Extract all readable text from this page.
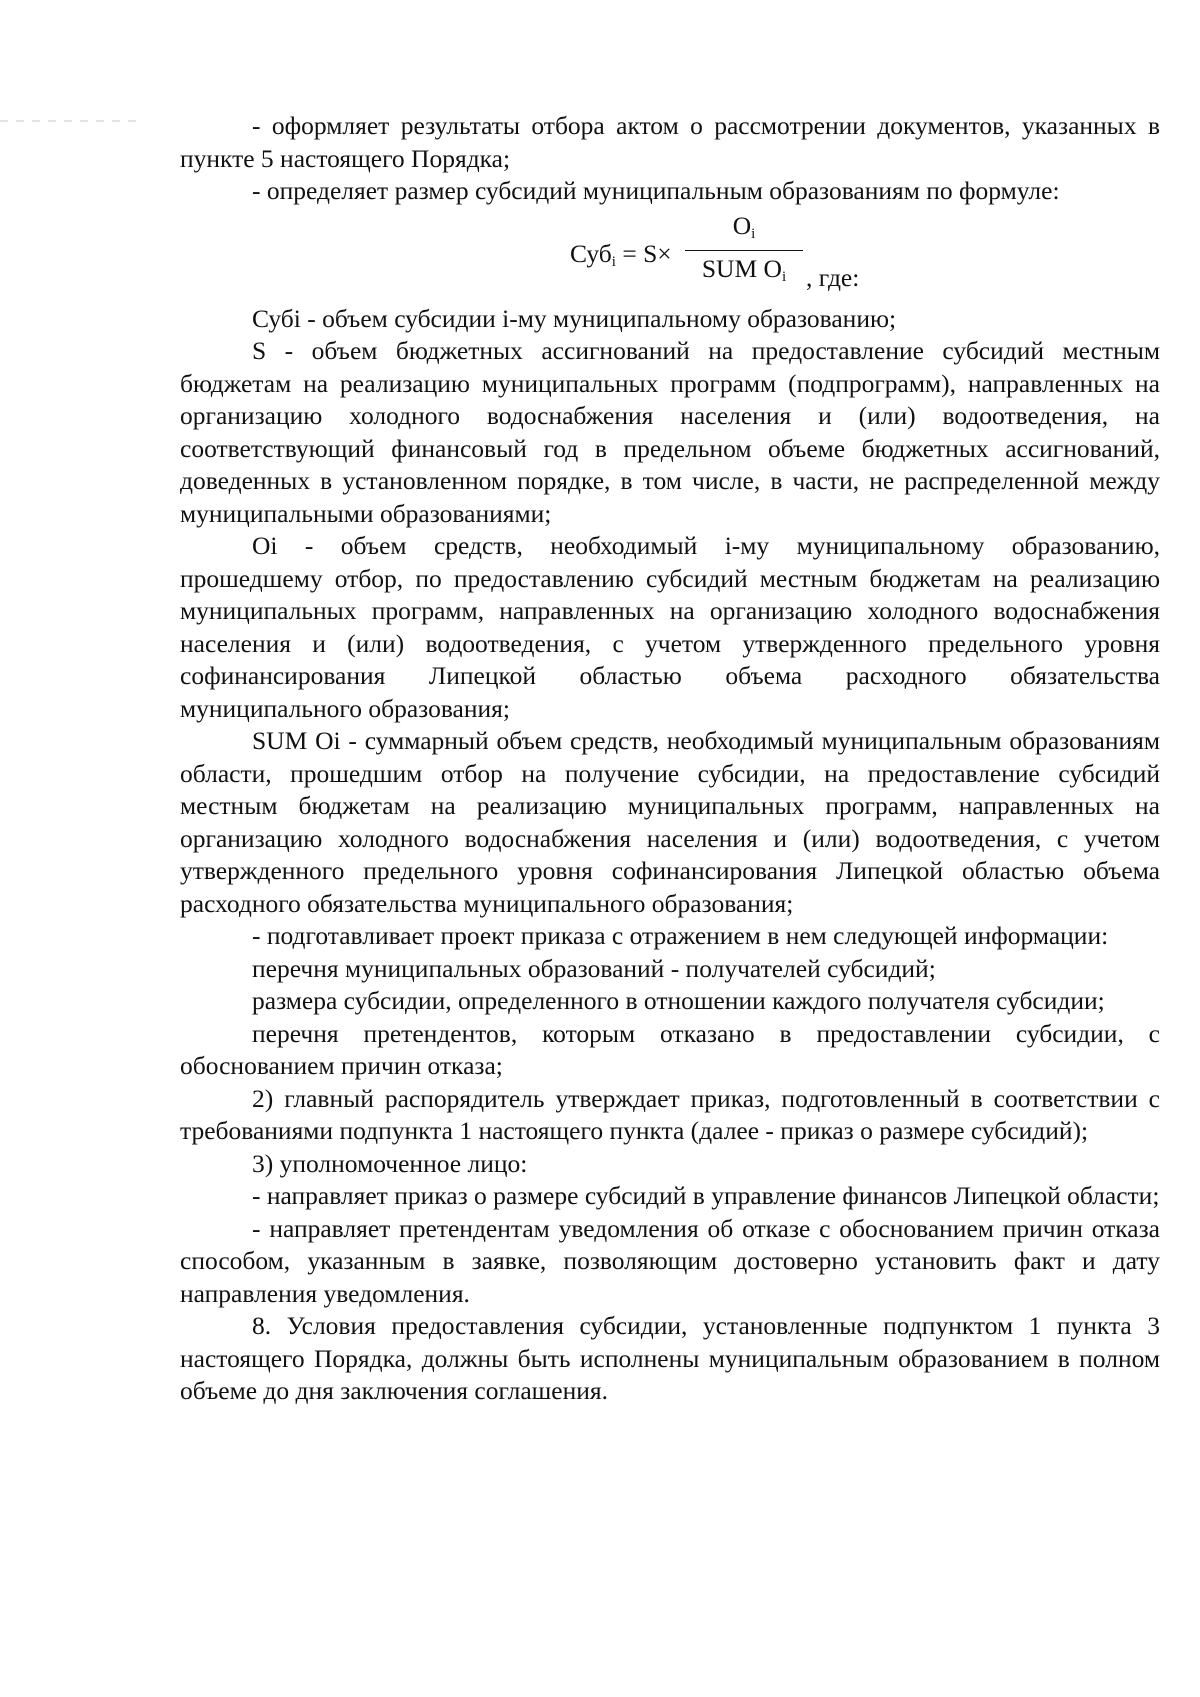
- оформляет результаты отбора актом о рассмотрении документов, указанных в пункте 5 настоящего Порядка;

- определяет размер субсидий муниципальным образованиям по формуле:

Суб$_i$ = S×
$O_i$
SUM $O_i$ , где:

Субi - объем субсидии i-му муниципальному образованию;

S - объем бюджетных ассигнований на предоставление субсидий местным бюджетам на реализацию муниципальных программ (подпрограмм), направленных на организацию холодного водоснабжения населения и (или) водоотведения, на соответствующий финансовый год в предельном объеме бюджетных ассигнований, доведенных в установленном порядке, в том числе, в части, не распределенной между муниципальными образованиями;

Oi - объем средств, необходимый i-му муниципальному образованию, прошедшему отбор, по предоставлению субсидий местным бюджетам на реализацию муниципальных программ, направленных на организацию холодного водоснабжения населения и (или) водоотведения, с учетом утвержденного предельного уровня софинансирования Липецкой областью объема расходного обязательства муниципального образования;

SUM Oi - суммарный объем средств, необходимый муниципальным образованиям области, прошедшим отбор на получение субсидии, на предоставление субсидий местным бюджетам на реализацию муниципальных программ, направленных на организацию холодного водоснабжения населения и (или) водоотведения, с учетом утвержденного предельного уровня софинансирования Липецкой областью объема расходного обязательства муниципального образования;

- подготавливает проект приказа с отражением в нем следующей информации:

перечня муниципальных образований - получателей субсидий;

размера субсидии, определенного в отношении каждого получателя субсидии;

перечня претендентов, которым отказано в предоставлении субсидии, с обоснованием причин отказа;

2) главный распорядитель утверждает приказ, подготовленный в соответствии с требованиями подпункта 1 настоящего пункта (далее - приказ о размере субсидий);

3) уполномоченное лицо:

- направляет приказ о размере субсидий в управление финансов Липецкой области;

- направляет претендентам уведомления об отказе с обоснованием причин отказа способом, указанным в заявке, позволяющим достоверно установить факт и дату направления уведомления.

8. Условия предоставления субсидии, установленные подпунктом 1 пункта 3 настоящего Порядка, должны быть исполнены муниципальным образованием в полном объеме до дня заключения соглашения.
